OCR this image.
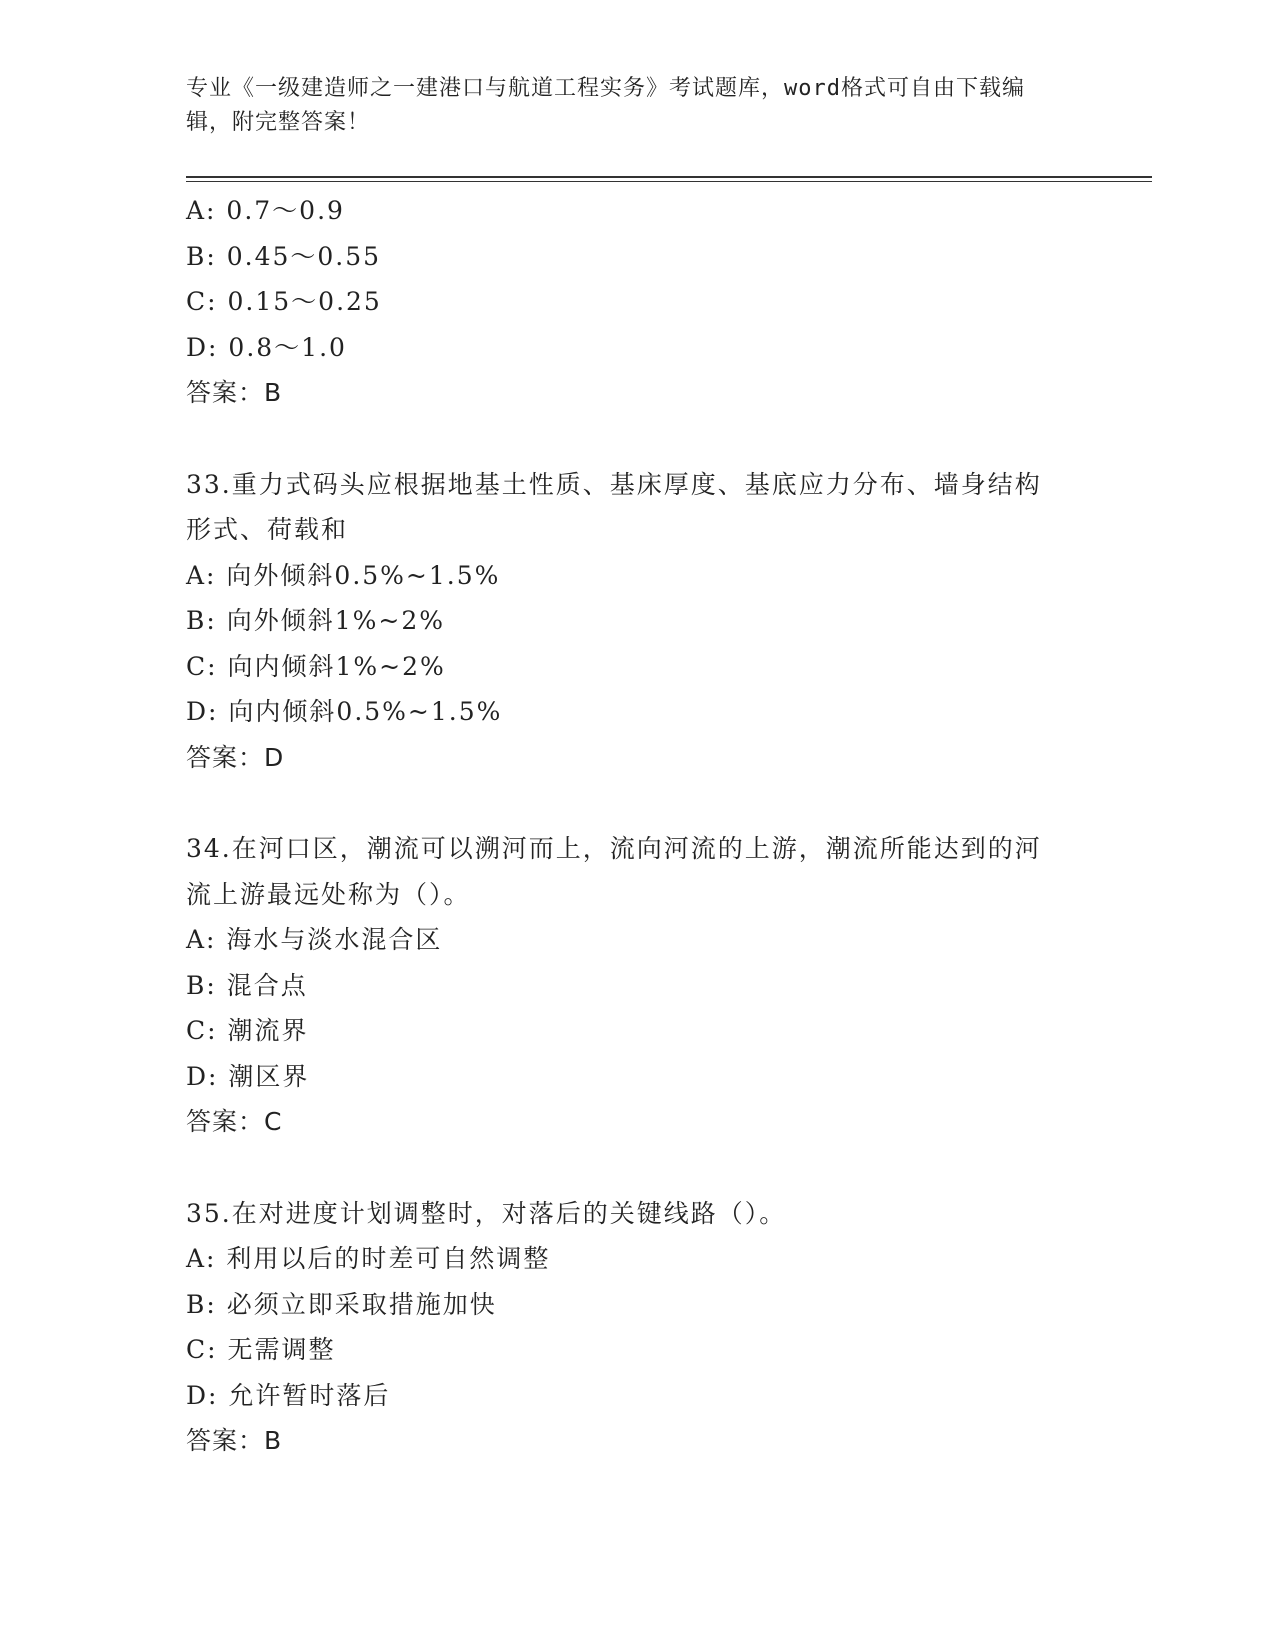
专业《一级建造师之一建港口与航道工程实务》考试题库，word格式可自由下载编辑，附完整答案！
A: 0.7～0.9
B: 0.45～0.55
C: 0.15～0.25
D: 0.8～1.0
答案：B
33.重力式码头应根据地基土性质、基床厚度、基底应力分布、墙身结构形式、荷载和
A: 向外倾斜0.5%~1.5%
B: 向外倾斜1%~2%
C: 向内倾斜1%~2%
D: 向内倾斜0.5%~1.5%
答案：D
34.在河口区，潮流可以溯河而上，流向河流的上游，潮流所能达到的河流上游最远处称为（）。
A: 海水与淡水混合区
B: 混合点
C: 潮流界
D: 潮区界
答案：C
35.在对进度计划调整时，对落后的关键线路（）。
A: 利用以后的时差可自然调整
B: 必须立即采取措施加快
C: 无需调整
D: 允许暂时落后
答案：B
